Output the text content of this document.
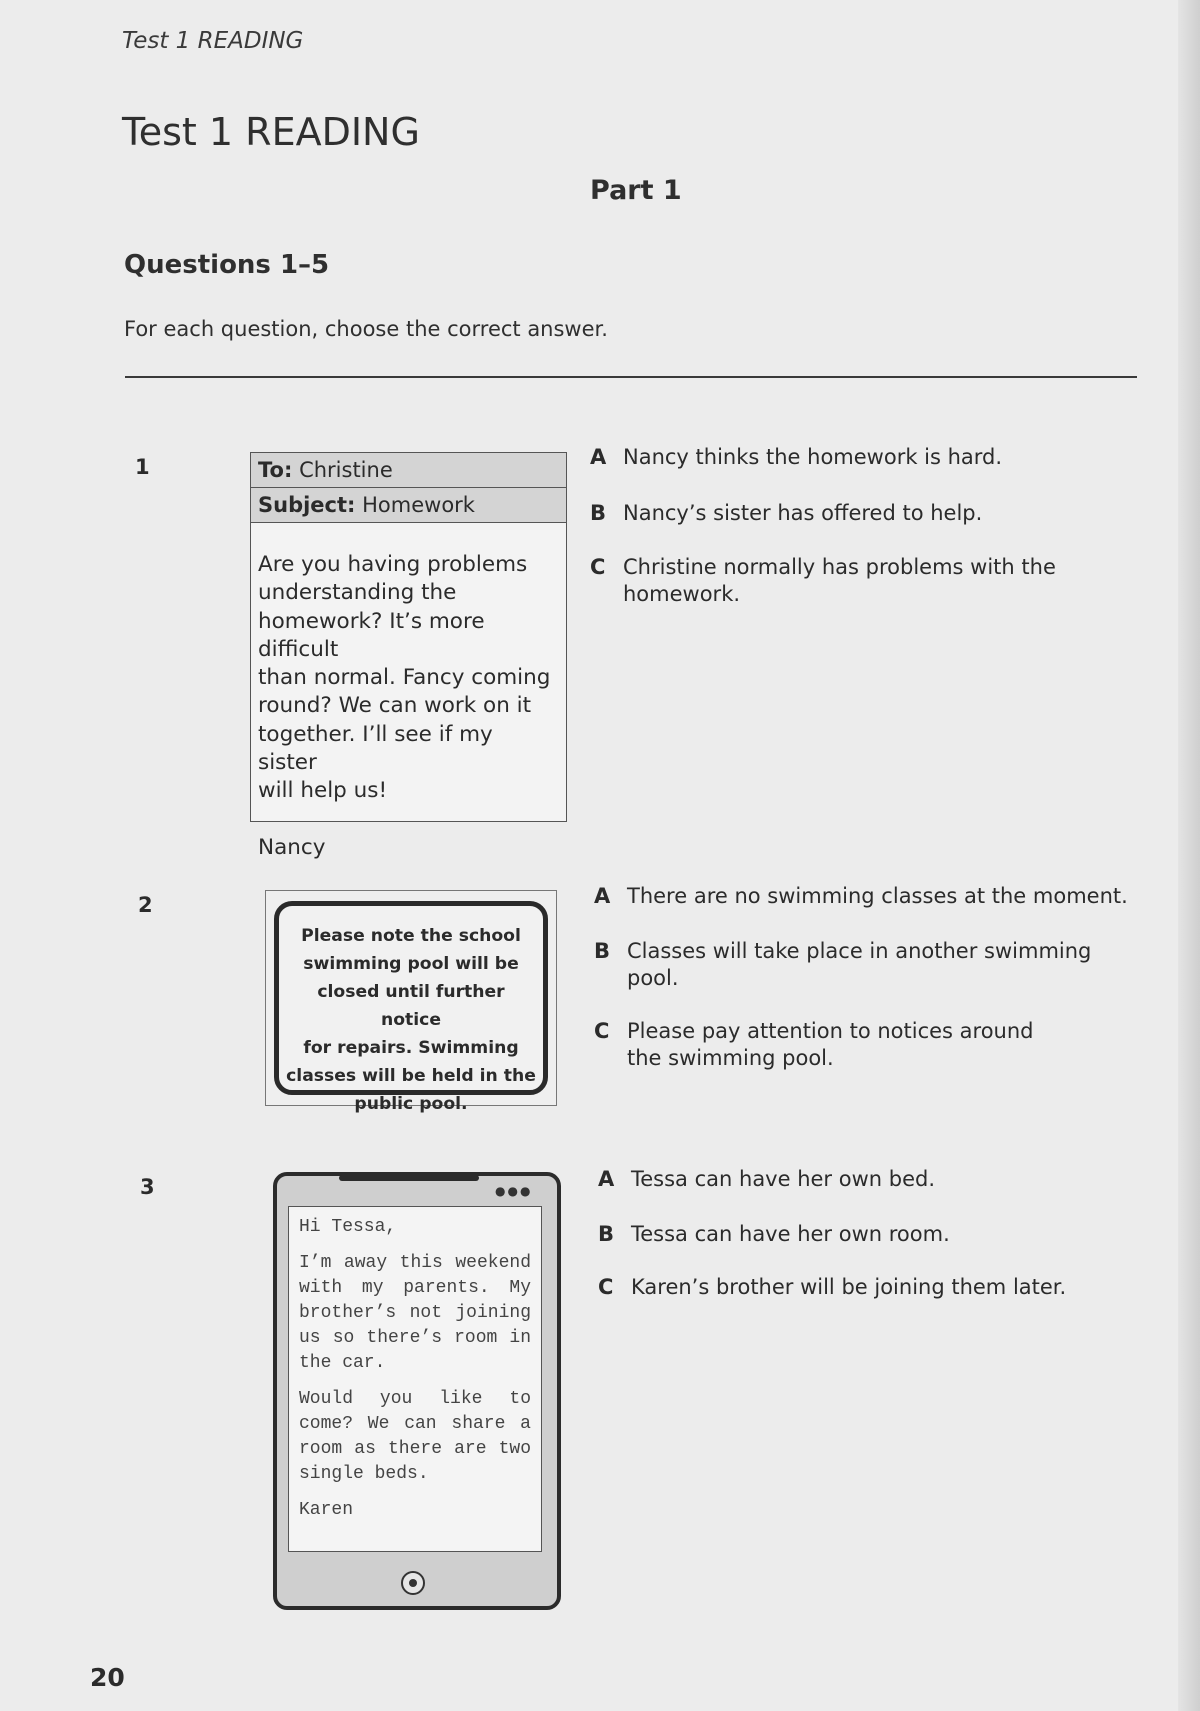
Test 1 READING
Test 1 READING
Part 1
Questions 1–5
For each question, choose the correct answer.
1	To: Christine
Subject: Homework
Are you having problems
understanding the
homework? It’s more difficult
than normal. Fancy coming
round? We can work on it
together. I’ll see if my sister
will help us!
Nancy
A Nancy thinks the homework is hard.
B Nancy’s sister has offered to help.
C Christine normally has problems with the homework.
2
Please note the school
swimming pool will be
closed until further notice
for repairs. Swimming
classes will be held in the
public pool.
A There are no swimming classes at the moment.
B Classes will take place in another swimming pool.
C Please pay attention to notices around the swimming pool.
3	●●●

Hi Tessa,

I’m away this weekend with my parents. My brother’s not joining us so there’s room in the car.

Would you like to come? We can share a room as there are two single beds.

Karen

A Tessa can have her own bed.
B Tessa can have her own room.
C Karen’s brother will be joining them later.
20
